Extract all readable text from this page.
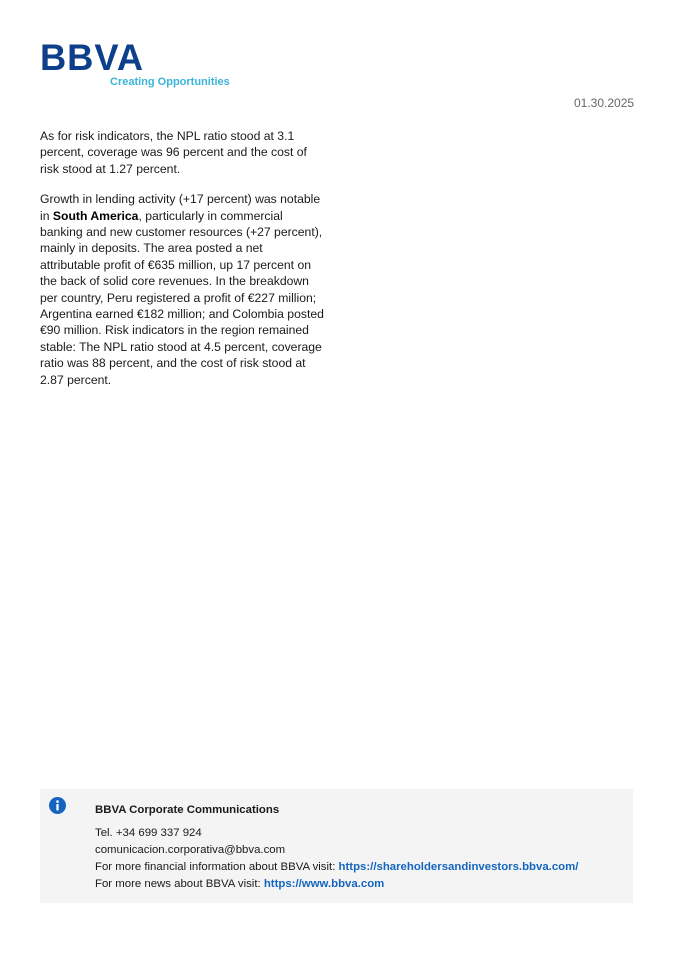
BBVA
Creating Opportunities
01.30.2025

As for risk indicators, the NPL ratio stood at 3.1 percent, coverage was 96 percent and the cost of risk stood at 1.27 percent.

Growth in lending activity (+17 percent) was notable in South America, particularly in commercial banking and new customer resources (+27 percent), mainly in deposits. The area posted a net attributable profit of €635 million, up 17 percent on the back of solid core revenues. In the breakdown per country, Peru registered a profit of €227 million; Argentina earned €182 million; and Colombia posted €90 million. Risk indicators in the region remained stable: The NPL ratio stood at 4.5 percent, coverage ratio was 88 percent, and the cost of risk stood at 2.87 percent.

BBVA Corporate Communications
Tel. +34 699 337 924
comunicacion.corporativa@bbva.com
For more financial information about BBVA visit: https://shareholdersandinvestors.bbva.com/
For more news about BBVA visit: https://www.bbva.com
